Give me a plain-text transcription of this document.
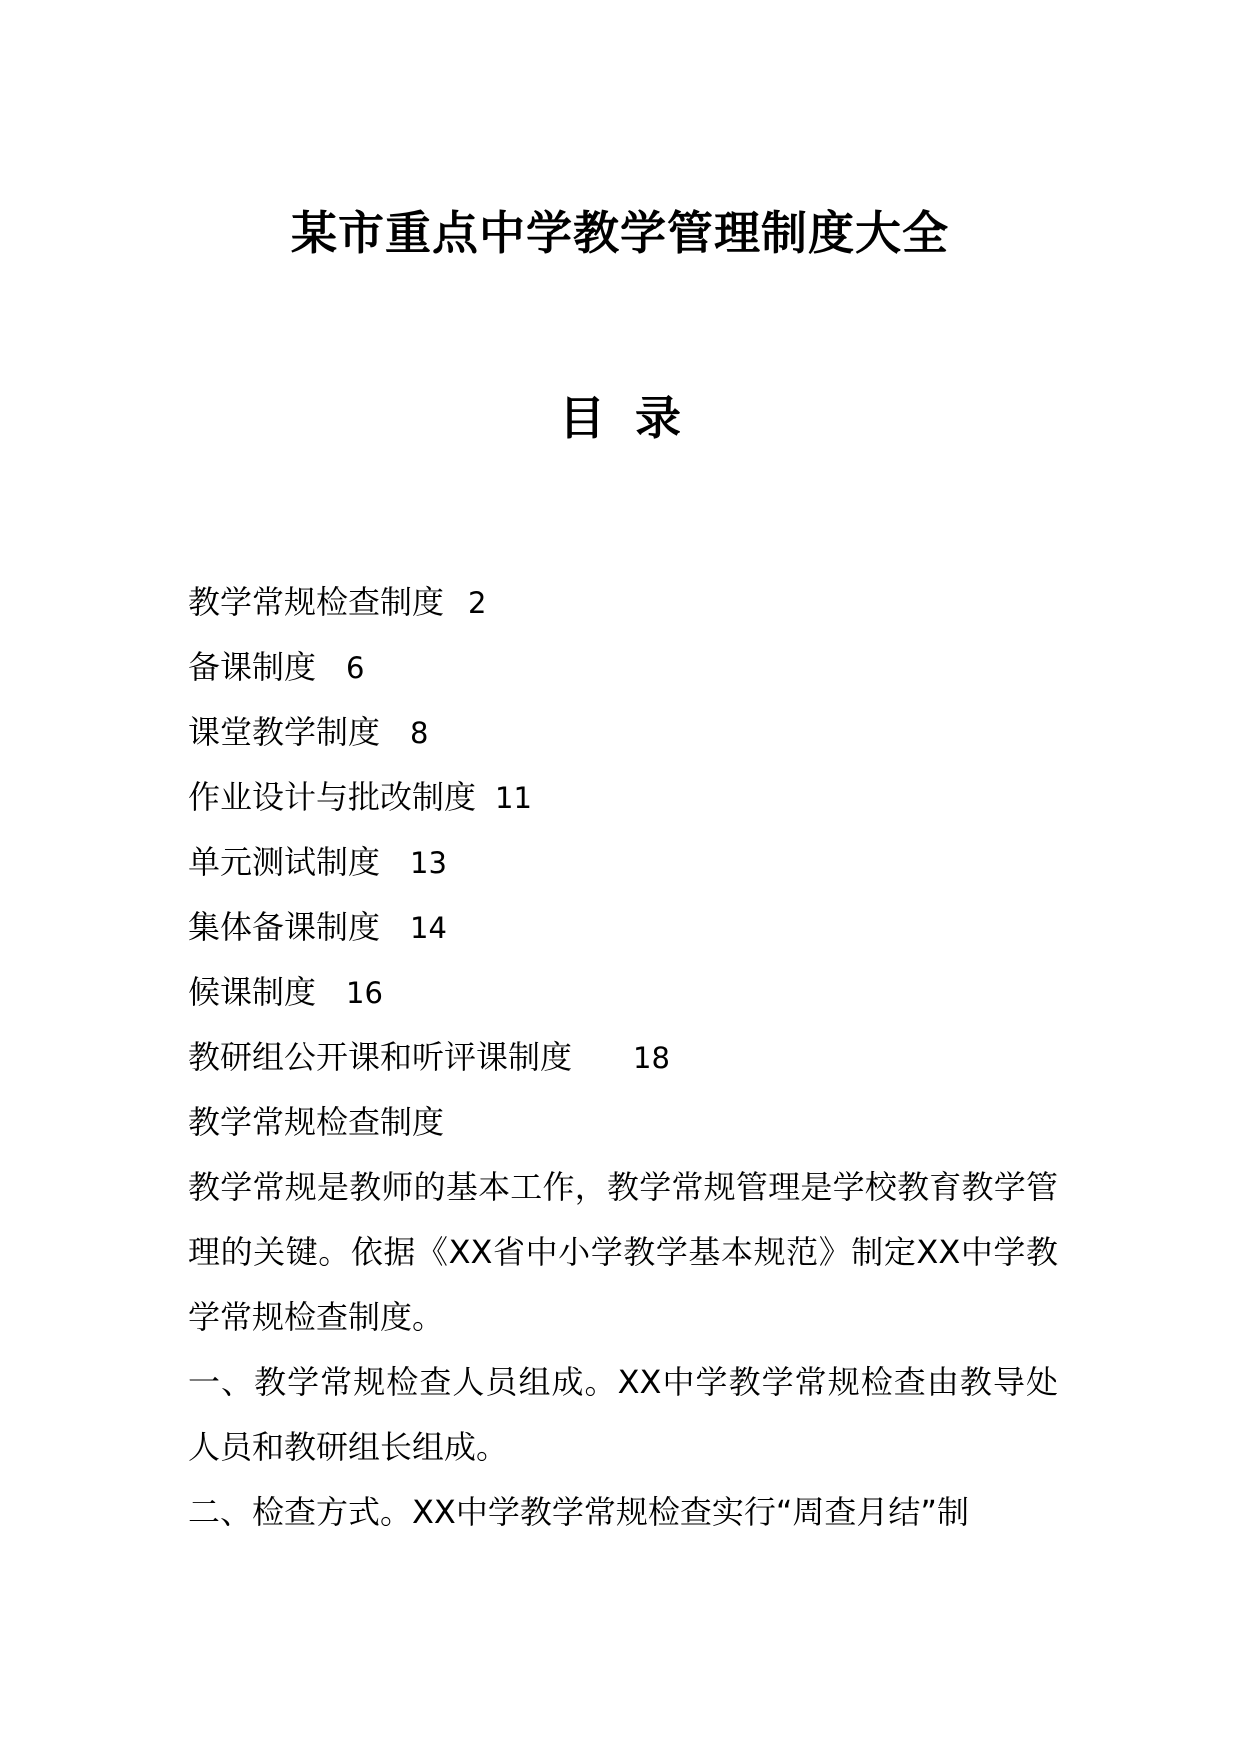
某市重点中学教学管理制度大全
目 录
教学常规检查制度 2
备课制度	6
课堂教学制度	8
作业设计与批改制度 11
单元测试制度	13
集体备课制度	14
候课制度	16
教研组公开课和听评课制度	18
教学常规检查制度

教学常规是教师的基本工作，教学常规管理是学校教育教学管理的关键。依据《XX省中小学教学基本规范》制定XX中学教学常规检查制度。

一、教学常规检查人员组成。XX中学教学常规检查由教导处人员和教研组长组成。

二、检查方式。XX中学教学常规检查实行“周查月结”制
